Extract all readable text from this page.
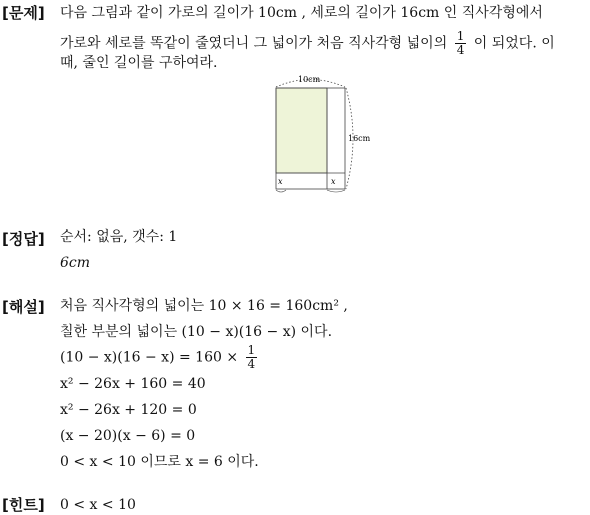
[문제] 다음 그림과 같이 가로의 길이가 10cm , 세로의 길이가 16cm 인 직사각형에서
가로와 세로를 똑같이 줄였더니 그 넓이가 처음 직사각형 넓이의 $\frac{1}{4}$ 이 되었다. 이
때, 줄인 길이를 구하여라.
10cm
16cm
x	x
[정답] 순서: 없음, 갯수: 1
6cm
[해설] 처음 직사각형의 넓이는 10 × 16 = 160cm² ,
칠한 부분의 넓이는 (10 − x)(16 − x) 이다.
$(10 - x)(16 - x) = 160 \times \frac{1}{4}$
x² − 26x + 160 = 40
x² − 26x + 120 = 0
(x − 20)(x − 6) = 0
0 < x < 10 이므로 x = 6 이다.
[힌트] 0 < x < 10
